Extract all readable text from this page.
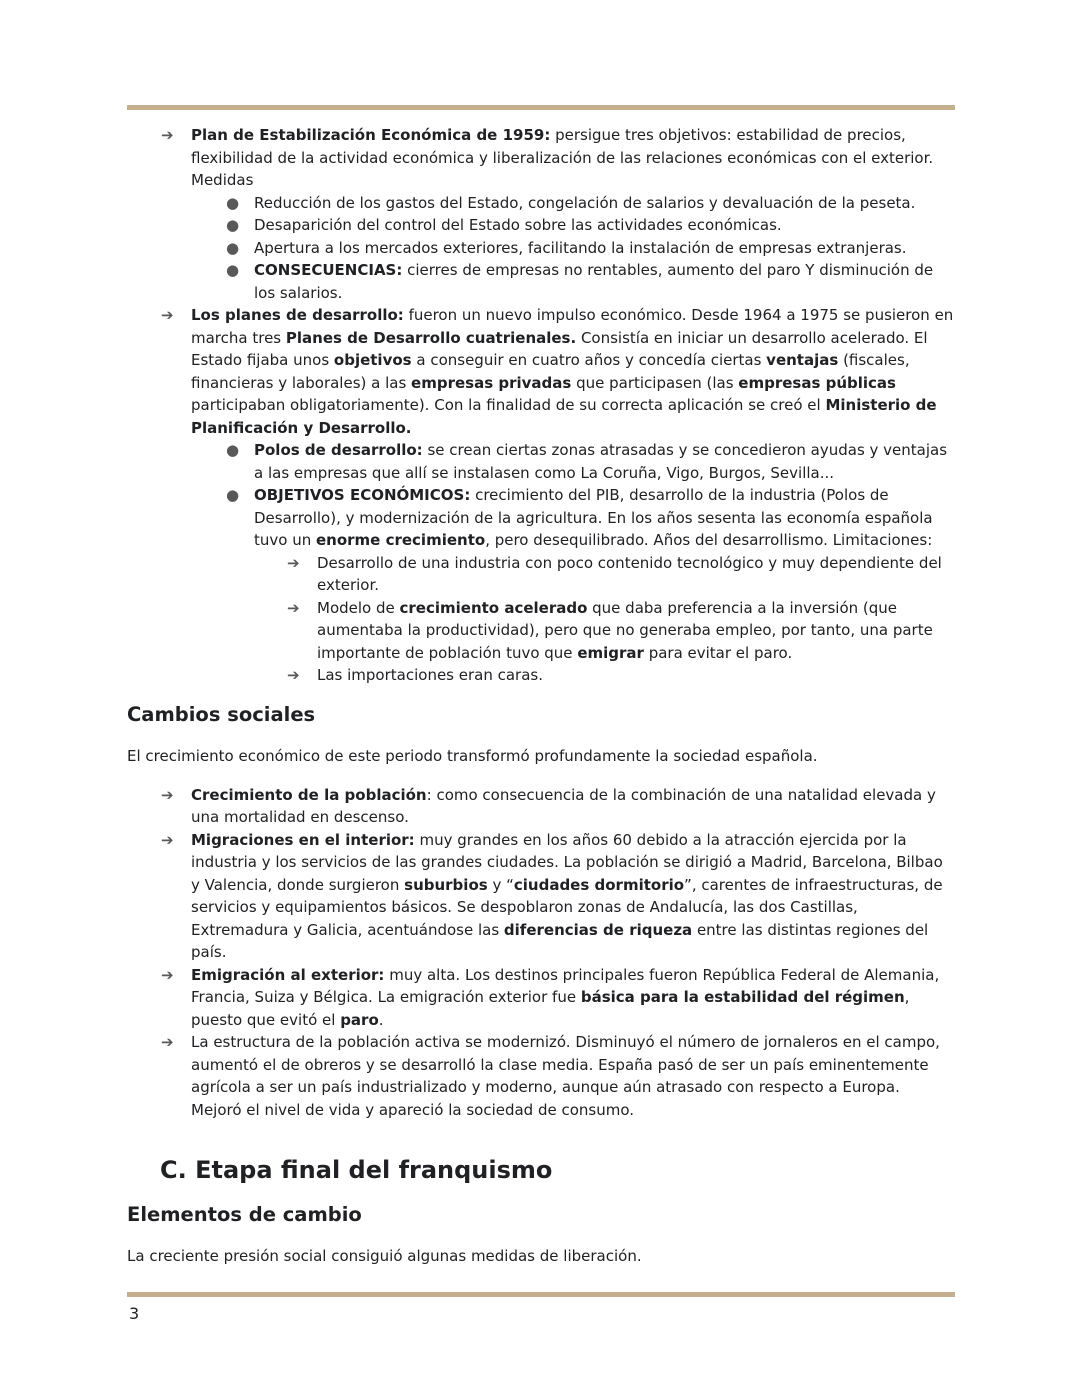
➔	Plan de Estabilización Económica de 1959: persigue tres objetivos: estabilidad de precios, flexibilidad de la actividad económica y liberalización de las relaciones económicas con el exterior. Medidas
● Reducción de los gastos del Estado, congelación de salarios y devaluación de la peseta.
● Desaparición del control del Estado sobre las actividades económicas.
● Apertura a los mercados exteriores, facilitando la instalación de empresas extranjeras.
● CONSECUENCIAS: cierres de empresas no rentables, aumento del paro Y disminución de los salarios.
➔	Los planes de desarrollo: fueron un nuevo impulso económico. Desde 1964 a 1975 se pusieron en marcha tres Planes de Desarrollo cuatrienales. Consistía en iniciar un desarrollo acelerado. El Estado fijaba unos objetivos a conseguir en cuatro años y concedía ciertas ventajas (fiscales, financieras y laborales) a las empresas privadas que participasen (las empresas públicas participaban obligatoriamente). Con la finalidad de su correcta aplicación se creó el Ministerio de Planificación y Desarrollo.
● Polos de desarrollo: se crean ciertas zonas atrasadas y se concedieron ayudas y ventajas a las empresas que allí se instalasen como La Coruña, Vigo, Burgos, Sevilla...
● OBJETIVOS ECONÓMICOS: crecimiento del PIB, desarrollo de la industria (Polos de Desarrollo), y modernización de la agricultura. En los años sesenta las economía española tuvo un enorme crecimiento, pero desequilibrado. Años del desarrollismo. Limitaciones:
➔	Desarrollo de una industria con poco contenido tecnológico y muy dependiente del exterior.
➔	Modelo de crecimiento acelerado que daba preferencia a la inversión (que aumentaba la productividad), pero que no generaba empleo, por tanto, una parte importante de población tuvo que emigrar para evitar el paro.
➔	Las importaciones eran caras.
Cambios sociales

El crecimiento económico de este periodo transformó profundamente la sociedad española.

➔	Crecimiento de la población: como consecuencia de la combinación de una natalidad elevada y una mortalidad en descenso.
➔	Migraciones en el interior: muy grandes en los años 60 debido a la atracción ejercida por la industria y los servicios de las grandes ciudades. La población se dirigió a Madrid, Barcelona, Bilbao y Valencia, donde surgieron suburbios y “ciudades dormitorio”, carentes de infraestructuras, de servicios y equipamientos básicos. Se despoblaron zonas de Andalucía, las dos Castillas, Extremadura y Galicia, acentuándose las diferencias de riqueza entre las distintas regiones del país.
➔	Emigración al exterior: muy alta. Los destinos principales fueron República Federal de Alemania, Francia, Suiza y Bélgica. La emigración exterior fue básica para la estabilidad del régimen, puesto que evitó el paro.
➔	La estructura de la población activa se modernizó. Disminuyó el número de jornaleros en el campo, aumentó el de obreros y se desarrolló la clase media. España pasó de ser un país eminentemente agrícola a ser un país industrializado y moderno, aunque aún atrasado con respecto a Europa. Mejoró el nivel de vida y apareció la sociedad de consumo.
C. Etapa final del franquismo
Elementos de cambio

La creciente presión social consiguió algunas medidas de liberación.

3
